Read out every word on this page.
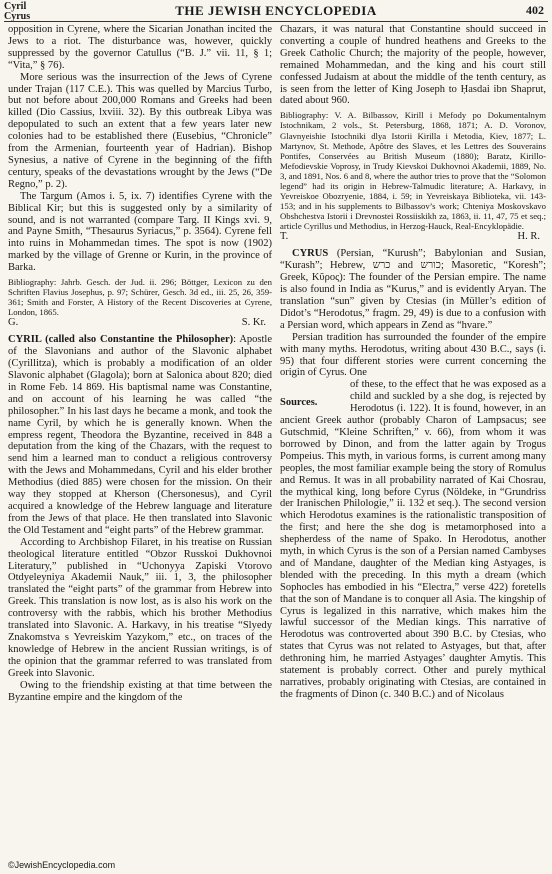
Cyril
Cyrus	THE JEWISH ENCYCLOPEDIA	402

opposition in Cyrene, where the Sicarian Jonathan incited the Jews to a riot. The disturbance was, however, quickly suppressed by the governor Catullus (“B. J.” vii. 11, § 1; “Vita,” § 76).

More serious was the insurrection of the Jews of Cyrene under Trajan (117 C.E.). This was quelled by Marcius Turbo, but not before about 200,000 Romans and Greeks had been killed (Dio Cassius, lxviii. 32). By this outbreak Libya was depopulated to such an extent that a few years later new colonies had to be established there (Eusebius, “Chronicle” from the Armenian, fourteenth year of Hadrian). Bishop Synesius, a native of Cyrene in the beginning of the fifth century, speaks of the devastations wrought by the Jews (“De Regno,” p. 2).

The Targum (Amos i. 5, ix. 7) identifies Cyrene with the Biblical Kir; but this is suggested only by a similarity of sound, and is not warranted (compare Targ. II Kings xvi. 9, and Payne Smith, “Thesaurus Syriacus,” p. 3564). Cyrene fell into ruins in Mohammedan times. The spot is now (1902) marked by the village of Grenne or Kurin, in the province of Barka.

Bibliography: Jahrb. Gesch. der Jud. ii. 296; Böttger, Lexicon zu den Schriften Flavius Josephus, p. 97; Schürer, Gesch. 3d ed., iii. 25, 26, 359-361; Smith and Forster, A History of the Recent Discoveries at Cyrene, London, 1865.

G.	S. Kr.

CYRIL (called also Constantine the Philosopher): Apostle of the Slavonians and author of the Slavonic alphabet (Cyrillitza), which is probably a modification of an older Slavonic alphabet (Glagola); born at Salonica about 820; died in Rome Feb. 14 869. His baptismal name was Constantine, and on account of his learning he was called “the philosopher.” In his last days he became a monk, and took the name Cyril, by which he is generally known. When the empress regent, Theodora the Byzantine, received in 848 a deputation from the king of the Chazars, with the request to send him a learned man to conduct a religious controversy with the Jews and Mohammedans, Cyril and his elder brother Methodius (died 885) were chosen for the mission. On their way they stopped at Kherson (Chersonesus), and Cyril acquired a knowledge of the Hebrew language and literature from the Jews of that place. He then translated into Slavonic the Old Testament and “eight parts” of the Hebrew grammar.

According to Archbishop Filaret, in his treatise on Russian theological literature entitled “Obzor Russkoi Dukhovnoi Literatury,” published in “Uchonyya Zapiski Vtorovo Otdyeleyniya Akademii Nauk,” iii. 1, 3, the philosopher translated the “eight parts” of the grammar from Hebrew into Greek. This translation is now lost, as is also his work on the controversy with the rabbis, which his brother Methodius translated into Slavonic. A. Harkavy, in his treatise “Slyedy Znakomstva s Yevreiskim Yazykom,” etc., on traces of the knowledge of Hebrew in the ancient Russian writings, is of the opinion that the grammar referred to was translated from Greek into Slavonic.

Owing to the friendship existing at that time between the Byzantine empire and the kingdom of the

Chazars, it was natural that Constantine should succeed in converting a couple of hundred heathens and Greeks to the Greek Catholic Church; the majority of the people, however, remained Mohammedan, and the king and his court still confessed Judaism at about the middle of the tenth century, as is seen from the letter of King Joseph to Ḥasdai ibn Shaprut, dated about 960.

Bibliography: V. A. Bilbassov, Kirill i Mefody po Dokumentalnym Istochnikam, 2 vols., St. Petersburg, 1868, 1871; A. D. Voronov, Glavnyeishie Istochniki dlya Istorii Kirilla i Metodia, Kiev, 1877; L. Martynov, St. Methode, Apôtre des Slaves, et les Lettres des Souverains Pontifes, Conservées au British Museum (1880); Baratz, Kirillo-Mefodievskie Voprosy, in Trudy Kievskoi Dukhovnoi Akademii, 1889, No. 3, and 1891, Nos. 6 and 8, where the author tries to prove that the “Solomon legend” had its origin in Hebrew-Talmudic literature; A. Harkavy, in Yevreiskoe Obozryenie, 1884, i. 59; in Yevreiskaya Biblioteka, vii. 143-153; and in his supplements to Bilbassov’s work; Chteniya Moskovskavo Obshchestva Istorii i Drevnostei Rossiiskikh za, 1863, ii. 11, 47, 75 et seq.; article Cyrillus und Methodius, in Herzog-Hauck, Real-Encyklopädie.

T.	H. R.

CYRUS (Persian, “Kurush”; Babylonian and Susian, “Kurash”; Hebrew, כרש and כורש; Masoretic, “Koresh”; Greek, Κῦρος): The founder of the Persian empire. The name is also found in India as “Kurus,” and is evidently Aryan. The translation “sun” given by Ctesias (in Müller’s edition of Didot’s “Herodotus,” fragm. 29, 49) is due to a confusion with a Persian word, which appears in Zend as “hvare.”

Persian tradition has surrounded the founder of the empire with many myths. Herodotus, writing about 430 B.C., says (i. 95) that four different stories were current concerning the origin of Cyrus. One

Sources.
of these, to the effect that he was exposed as a child and suckled by a she dog, is rejected by Herodotus (i. 122). It is found, however, in an ancient Greek author (probably Charon of Lampsacus; see Gutschmid, “Kleine Schriften,” v. 66), from whom it was borrowed by Dinon, and from the latter again by Trogus Pompeius. This myth, in various forms, is current among many peoples, the most familiar example being the story of Romulus and Remus. It was in all probability narrated of Kai Chosrau, the mythical king, long before Cyrus (Nöldeke, in “Grundriss der Iranischen Philologie,” ii. 132 et seq.). The second version which Herodotus examines is the rationalistic transposition of the first; and here the she dog is metamorphosed into a shepherdess of the name of Spako. In Herodotus, another myth, in which Cyrus is the son of a Persian named Cambyses and of Mandane, daughter of the Median king Astyages, is blended with the preceding. In this myth a dream (which Sophocles has embodied in his “Electra,” verse 422) foretells that the son of Mandane is to conquer all Asia. The kingship of Cyrus is legalized in this narrative, which makes him the lawful successor of the Median kings. This narrative of Herodotus was controverted about 390 B.C. by Ctesias, who states that Cyrus was not related to Astyages, but that, after dethroning him, he married Astyages’ daughter Amytis. This statement is probably correct. Other and purely mythical narratives, probably originating with Ctesias, are contained in the fragments of Dinon (c. 340 B.C.) and of Nicolaus

©JewishEncyclopedia.com
